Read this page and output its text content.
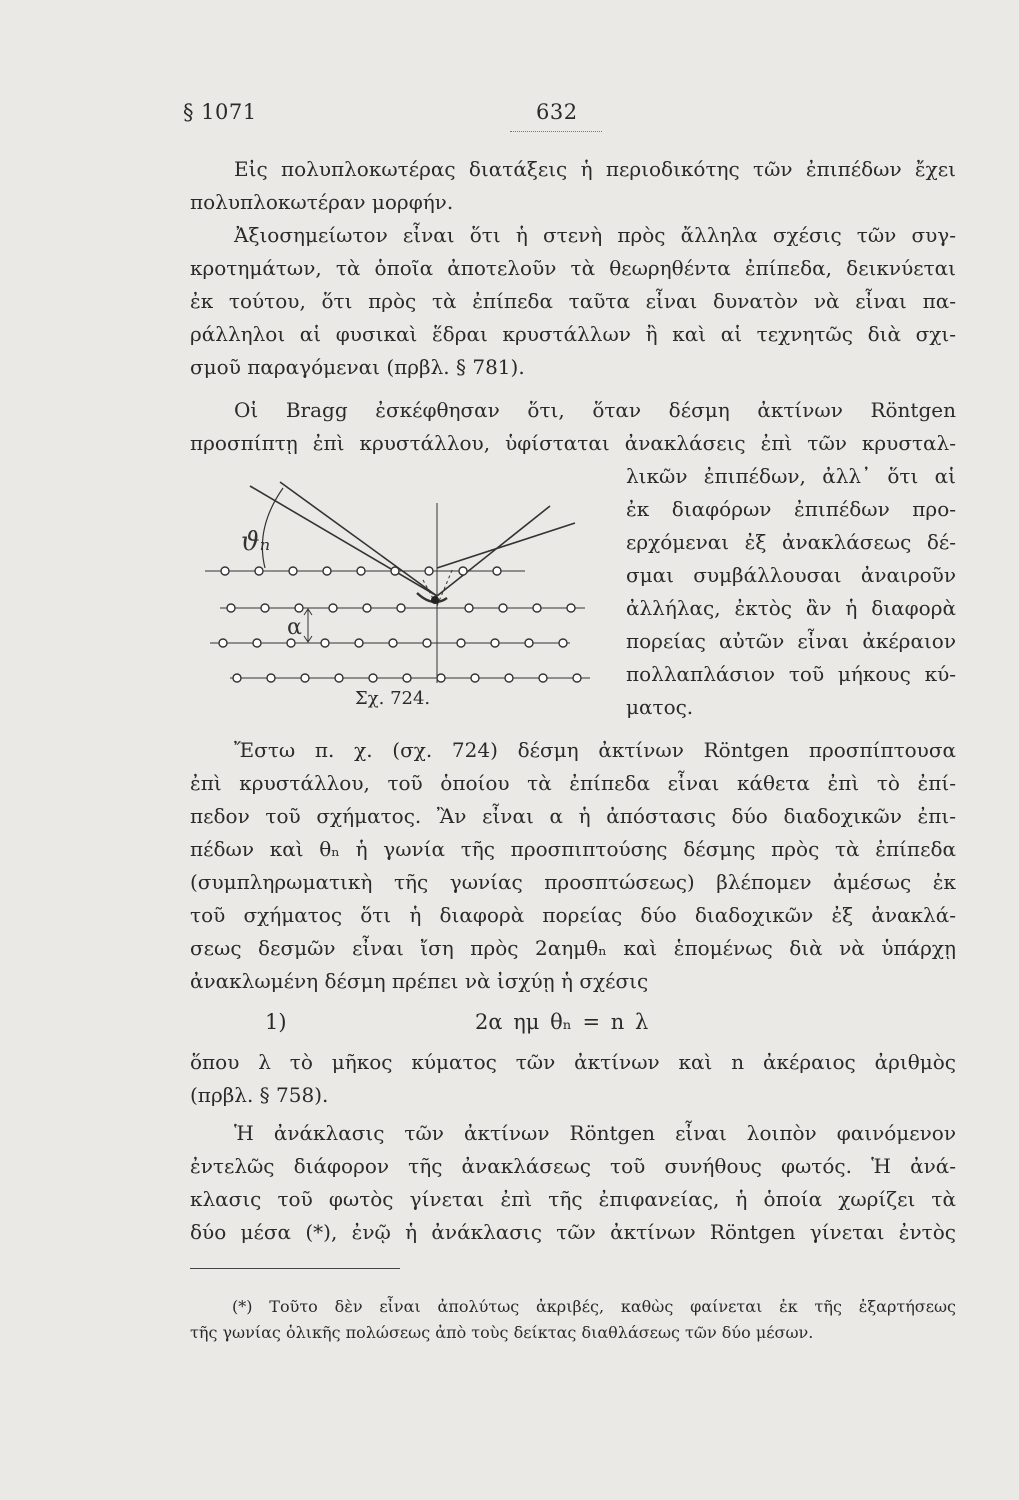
§ 1071	632
Εἰς πολυπλοκωτέρας διατάξεις ἡ περιοδικότης τῶν ἐπιπέδων ἔχει
πολυπλοκωτέραν μορφήν.
Ἀξιοσημείωτον εἶναι ὅτι ἡ στενὴ πρὸς ἄλληλα σχέσις τῶν συγ-
κροτημάτων, τὰ ὁποῖα ἀποτελοῦν τὰ θεωρηθέντα ἐπίπεδα, δεικνύεται
ἐκ τούτου, ὅτι πρὸς τὰ ἐπίπεδα ταῦτα εἶναι δυνατὸν νὰ εἶναι πα-
ράλληλοι αἱ φυσικαὶ ἕδραι κρυστάλλων ἢ καὶ αἱ τεχνητῶς διὰ σχι-
σμοῦ παραγόμεναι (πρβλ. § 781).
Οἱ Bragg ἐσκέφθησαν ὅτι, ὅταν δέσμη ἀκτίνων Röntgen
προσπίπτῃ ἐπὶ κρυστάλλου, ὑφίσταται ἀνακλάσεις ἐπὶ τῶν κρυσταλ-
λικῶν ἐπιπέδων, ἀλλ᾽ ὅτι αἱ
ἐκ διαφόρων ἐπιπέδων προ-
ερχόμεναι ἐξ ἀνακλάσεως δέ-
σμαι συμβάλλουσαι ἀναιροῦν
ἀλλήλας, ἐκτὸς ἂν ἡ διαφορὰ
πορείας αὐτῶν εἶναι ἀκέραιον
πολλαπλάσιον τοῦ μήκους κύ-
ματος.
ϑₙ
α
Σχ. 724.
Ἔστω π. χ. (σχ. 724) δέσμη ἀκτίνων Röntgen προσπίπτουσα
ἐπὶ κρυστάλλου, τοῦ ὁποίου τὰ ἐπίπεδα εἶναι κάθετα ἐπὶ τὸ ἐπί-
πεδον τοῦ σχήματος. Ἂν εἶναι α ἡ ἀπόστασις δύο διαδοχικῶν ἐπι-
πέδων καὶ θₙ ἡ γωνία τῆς προσπιπτούσης δέσμης πρὸς τὰ ἐπίπεδα
(συμπληρωματικὴ τῆς γωνίας προσπτώσεως) βλέπομεν ἀμέσως ἐκ
τοῦ σχήματος ὅτι ἡ διαφορὰ πορείας δύο διαδοχικῶν ἐξ ἀνακλά-
σεως δεσμῶν εἶναι ἴση πρὸς 2αημθₙ καὶ ἑπομένως διὰ νὰ ὑπάρχῃ
ἀνακλωμένη δέσμη πρέπει νὰ ἰσχύῃ ἡ σχέσις
1)	2α ημ θₙ = n λ
ὅπου λ τὸ μῆκος κύματος τῶν ἀκτίνων καὶ n ἀκέραιος ἀριθμὸς
(πρβλ. § 758).
Ἡ ἀνάκλασις τῶν ἀκτίνων Röntgen εἶναι λοιπὸν φαινόμενον
ἐντελῶς διάφορον τῆς ἀνακλάσεως τοῦ συνήθους φωτός. Ἡ ἀνά-
κλασις τοῦ φωτὸς γίνεται ἐπὶ τῆς ἐπιφανείας, ἡ ὁποία χωρίζει τὰ
δύο μέσα (*), ἐνῷ ἡ ἀνάκλασις τῶν ἀκτίνων Röntgen γίνεται ἐντὸς
(*) Τοῦτο δὲν εἶναι ἀπολύτως ἀκριβές, καθὼς φαίνεται ἐκ τῆς ἐξαρτήσεως
τῆς γωνίας ὁλικῆς πολώσεως ἀπὸ τοὺς δείκτας διαθλάσεως τῶν δύο μέσων.
